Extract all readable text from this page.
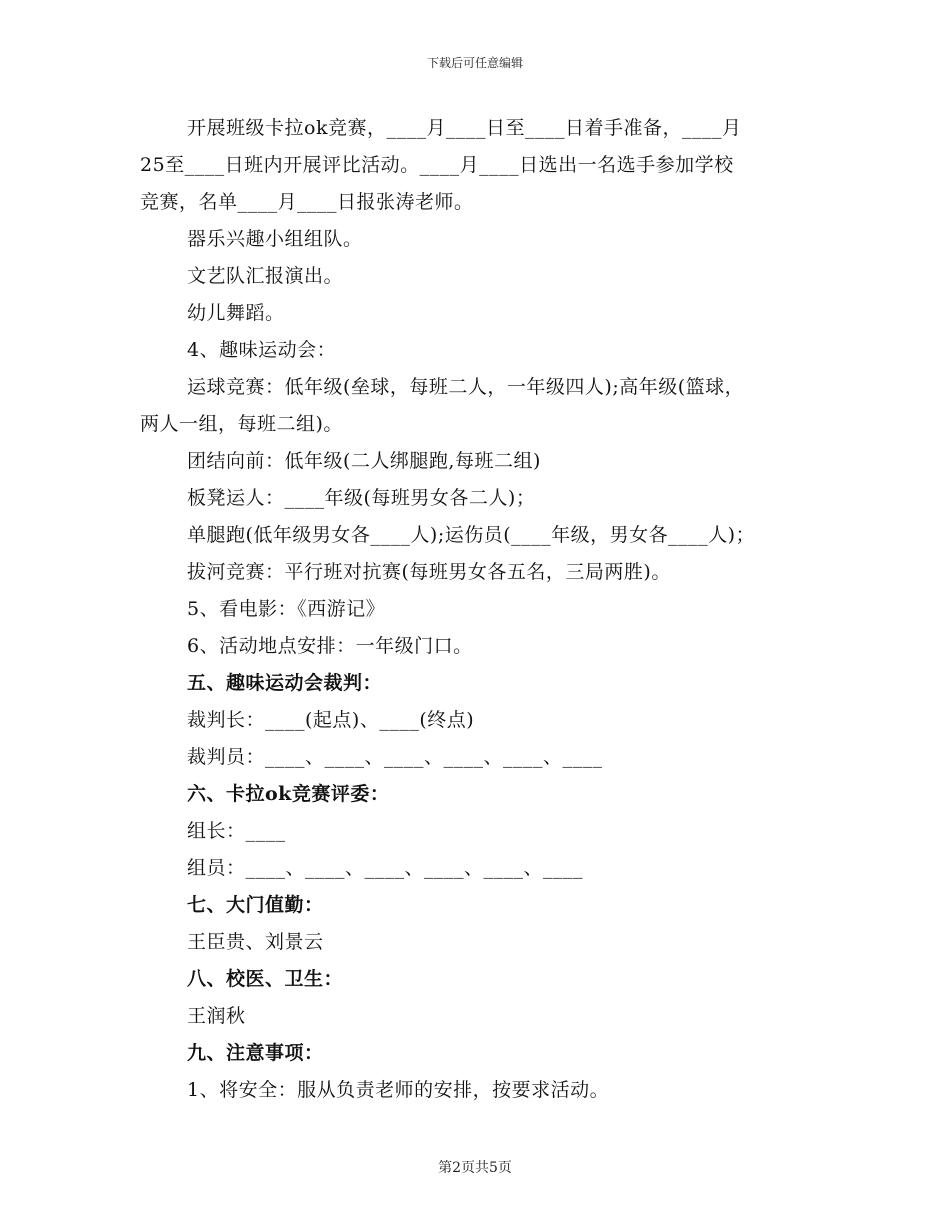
下载后可任意编辑
开展班级卡拉ok竞赛，____月____日至____日着手准备，____月
25至____日班内开展评比活动。____月____日选出一名选手参加学校
竞赛，名单____月____日报张涛老师。
器乐兴趣小组组队。
文艺队汇报演出。
幼儿舞蹈。
4、趣味运动会：
运球竞赛：低年级(垒球，每班二人，一年级四人);高年级(篮球，
两人一组，每班二组)。
团结向前：低年级(二人绑腿跑,每班二组)
板凳运人：____年级(每班男女各二人)；
单腿跑(低年级男女各____人);运伤员(____年级，男女各____人)；
拔河竞赛：平行班对抗赛(每班男女各五名，三局两胜)。
5、看电影：《西游记》
6、活动地点安排：一年级门口。
五、趣味运动会裁判：
裁判长：____(起点)、____(终点)
裁判员：____、____、____、____、____、____
六、卡拉ok竞赛评委：
组长：____
组员：____、____、____、____、____、____
七、大门值勤：
王臣贵、刘景云
八、校医、卫生：
王润秋
九、注意事项：
1、将安全：服从负责老师的安排，按要求活动。
第2页共5页
